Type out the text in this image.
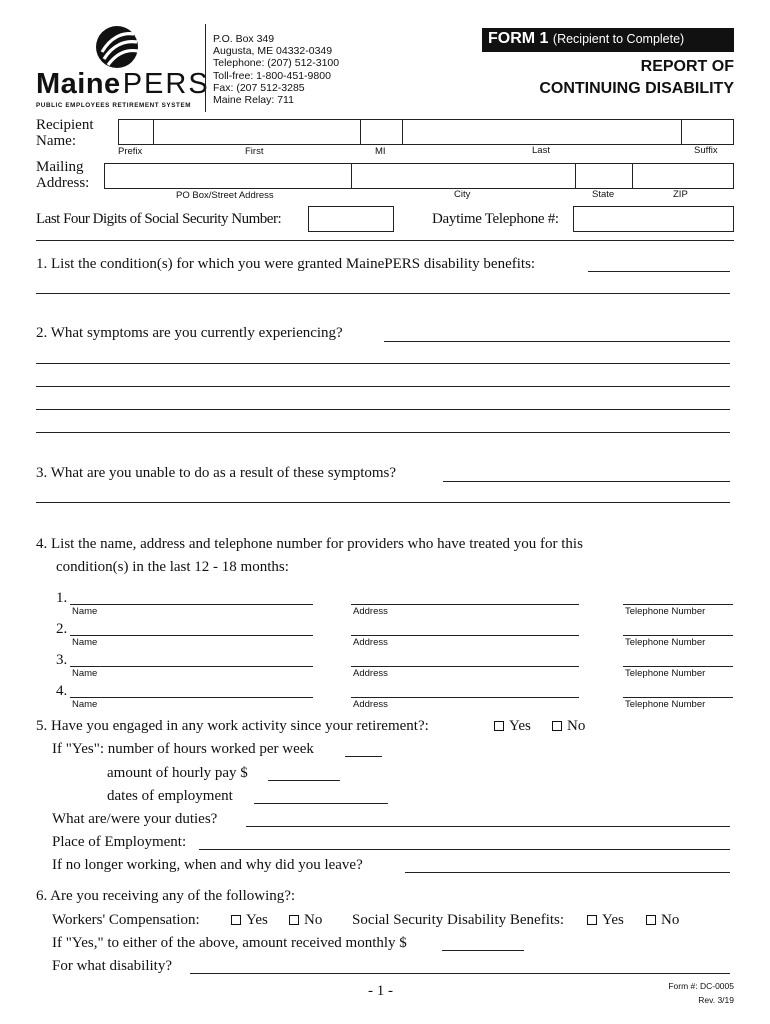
MainePERS
PUBLIC EMPLOYEES RETIREMENT SYSTEM
P.O. Box 349
Augusta, ME 04332-0349
Telephone: (207) 512-3100
Toll-free: 1-800-451-9800
Fax: (207 512-3285
Maine Relay: 711
FORM 1 (Recipient to Complete)
REPORT OF
CONTINUING DISABILITY
Recipient
Name:
Prefix	First	MI	Last	Suffix
Mailing
Address:
PO Box/Street Address	City	State	ZIP
Last Four Digits of Social Security Number:	Daytime Telephone #:
1. List the condition(s) for which you were granted MainePERS disability benefits:
2. What symptoms are you currently experiencing?
3. What are you unable to do as a result of these symptoms?
4. List the name, address and telephone number for providers who have treated you for this
condition(s) in the last 12 - 18 months:
1.
Name	Address	Telephone Number
2.
Name	Address	Telephone Number
3.
Name	Address	Telephone Number
4.
Name	Address	Telephone Number
5. Have you engaged in any work activity since your retirement?:	Yes	No
If "Yes": number of hours worked per week
amount of hourly pay $
dates of employment
What are/were your duties?
Place of Employment:
If no longer working, when and why did you leave?
6. Are you receiving any of the following?:
Workers' Compensation:	Yes	No Social Security Disability Benefits:	Yes	No
If "Yes," to either of the above, amount received monthly $
For what disability?
- 1 -	Form #: DC-0005
Rev. 3/19
